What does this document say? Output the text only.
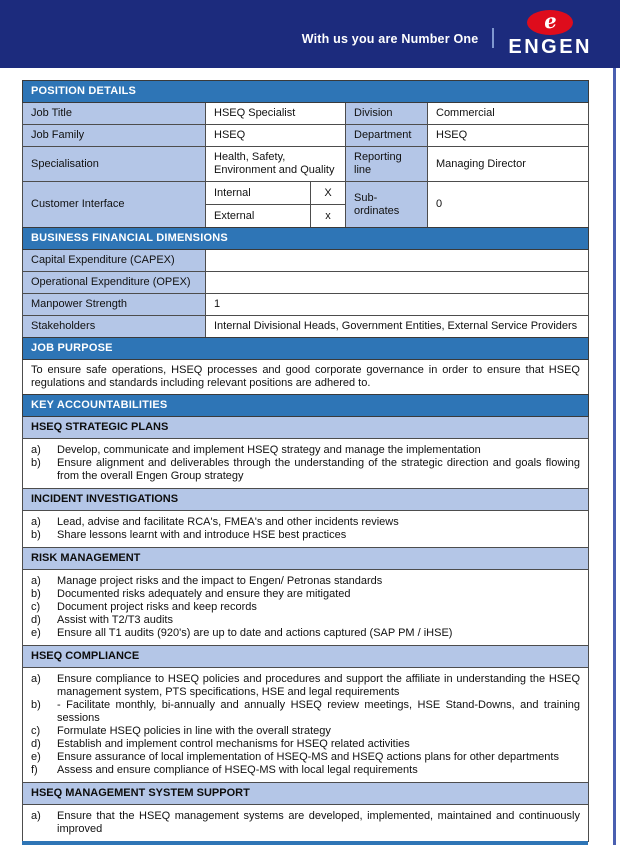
With us you are Number One
e
ENGEN
POSITION DETAILS				
Job Title	HSEQ Specialist		Division	Commercial
Job Family	HSEQ		Department	HSEQ
Specialisation	Health, Safety, Environment and Quality		Reporting line	Managing Director
Customer Interface	Internal	X	Sub-ordinates	0
	External	x		
BUSINESS FINANCIAL DIMENSIONS	
Capital Expenditure (CAPEX)	
Operational Expenditure (OPEX)	
Manpower Strength	1
Stakeholders	Internal Divisional Heads, Government Entities, External Service Providers
JOB PURPOSE
To ensure safe operations, HSEQ processes and good corporate governance in order to ensure that HSEQ regulations and standards including relevant positions are adhered to.
KEY ACCOUNTABILITIES
HSEQ STRATEGIC PLANS

a)	Develop, communicate and implement HSEQ strategy and manage the implementation
b)	Ensure alignment and deliverables through the understanding of the strategic direction and goals flowing from the overall Engen Group strategy

INCIDENT INVESTIGATIONS

a)	Lead, advise and facilitate RCA's, FMEA's and other incidents reviews
b)	Share lessons learnt with and introduce HSE best practices

RISK MANAGEMENT

a)	Manage project risks and the impact to Engen/ Petronas standards
b)	Documented risks adequately and ensure they are mitigated
c)	Document project risks and keep records
d)	Assist with T2/T3 audits
e)	Ensure all T1 audits (920's) are up to date and actions captured (SAP PM / iHSE)

HSEQ COMPLIANCE

a)	Ensure compliance to HSEQ policies and procedures and support the affiliate in understanding the HSEQ management system, PTS specifications, HSE and legal requirements
b)	- Facilitate monthly, bi-annually and annually HSEQ review meetings, HSE Stand-Downs, and training sessions
c)	Formulate HSEQ policies in line with the overall strategy
d)	Establish and implement control mechanisms for HSEQ related activities
e)	Ensure assurance of local implementation of HSEQ-MS and HSEQ actions plans for other departments
f)	Assess and ensure compliance of HSEQ-MS with local legal requirements

HSEQ MANAGEMENT SYSTEM SUPPORT

a)	Ensure that the HSEQ management systems are developed, implemented, maintained and continuously improved
